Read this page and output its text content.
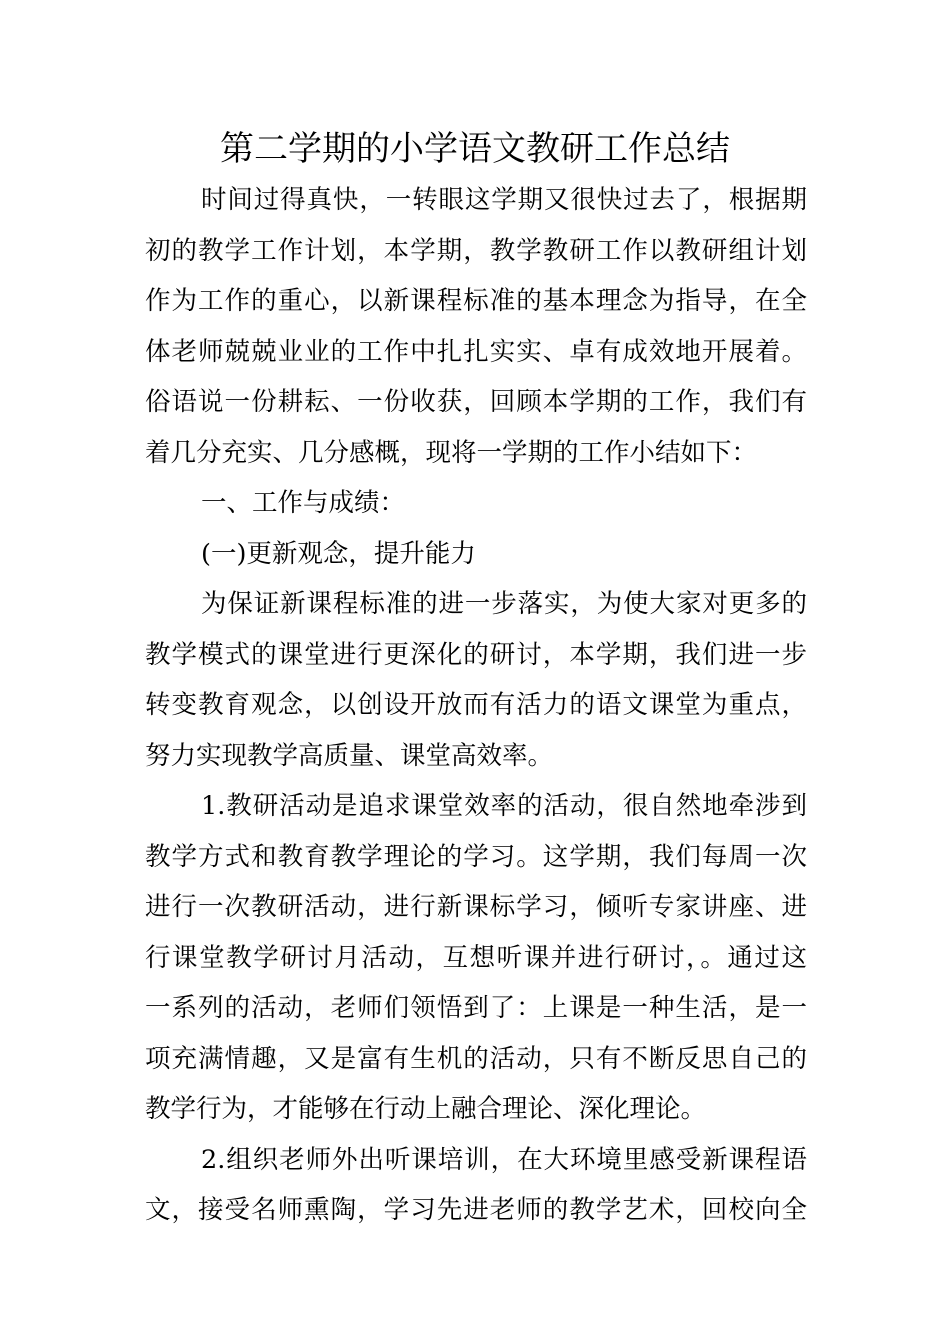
第二学期的小学语文教研工作总结
时间过得真快，一转眼这学期又很快过去了，根据期
初的教学工作计划，本学期，教学教研工作以教研组计划
作为工作的重心，以新课程标准的基本理念为指导，在全
体老师兢兢业业的工作中扎扎实实、卓有成效地开展着。
俗语说一份耕耘、一份收获，回顾本学期的工作，我们有
着几分充实、几分感概，现将一学期的工作小结如下：
一、工作与成绩：
(一)更新观念，提升能力
为保证新课程标准的进一步落实，为使大家对更多的
教学模式的课堂进行更深化的研讨，本学期，我们进一步
转变教育观念，以创设开放而有活力的语文课堂为重点，
努力实现教学高质量、课堂高效率。
1.教研活动是追求课堂效率的活动，很自然地牵涉到
教学方式和教育教学理论的学习。这学期，我们每周一次
进行一次教研活动，进行新课标学习，倾听专家讲座、进
行课堂教学研讨月活动，互想听课并进行研讨，。通过这
一系列的活动，老师们领悟到了：上课是一种生活，是一
项充满情趣，又是富有生机的活动，只有不断反思自己的
教学行为，才能够在行动上融合理论、深化理论。
2.组织老师外出听课培训，在大环境里感受新课程语
文，接受名师熏陶，学习先进老师的教学艺术，回校向全
